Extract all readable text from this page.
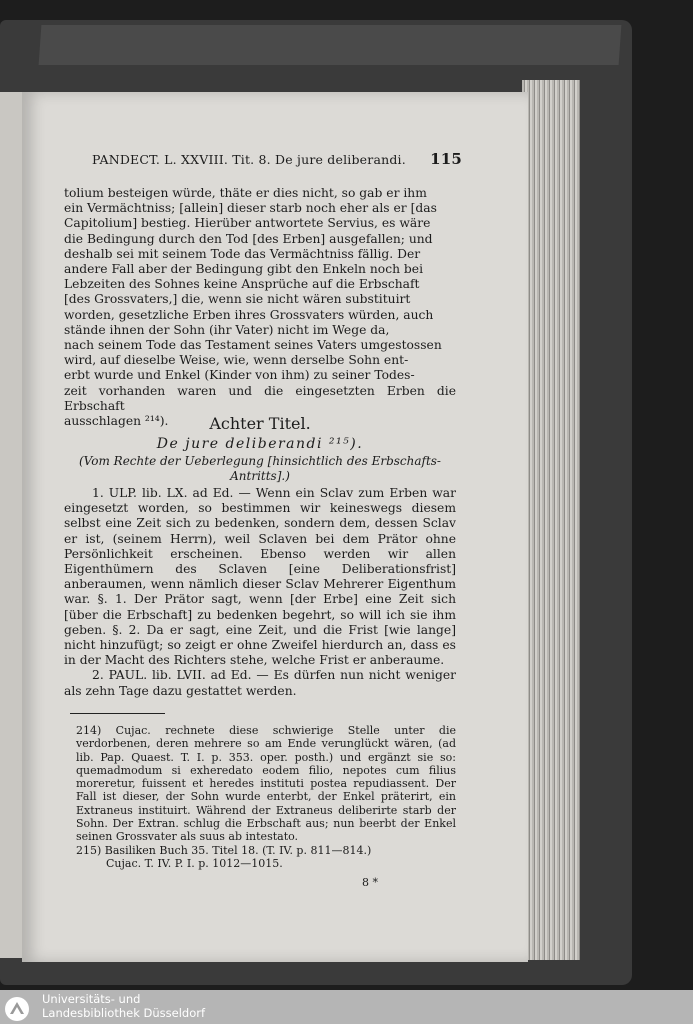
PANDECT. L. XXVIII. Tit. 8. De jure deliberandi. 115

tolium besteigen würde, thäte er dies nicht, so gab er ihm

ein Vermächtniss; [allein] dieser starb noch eher als er [das

Capitolium] bestieg. Hierüber antwortete Servius, es wäre

die Bedingung durch den Tod [des Erben] ausgefallen; und

deshalb sei mit seinem Tode das Vermächtniss fällig. Der

andere Fall aber der Bedingung gibt den Enkeln noch bei

Lebzeiten des Sohnes keine Ansprüche auf die Erbschaft

[des Grossvaters,] die, wenn sie nicht wären substituirt

worden, gesetzliche Erben ihres Grossvaters würden, auch

stände ihnen der Sohn (ihr Vater) nicht im Wege da,

nach seinem Tode das Testament seines Vaters umgestossen

wird, auf dieselbe Weise, wie, wenn derselbe Sohn ent-

erbt wurde und Enkel (Kinder von ihm) zu seiner Todes-

zeit vorhanden waren und die eingesetzten Erben die Erbschaft

ausschlagen ²¹⁴).	Achter Titel.
De jure deliberandi ²¹⁵).
(Vom Rechte der Ueberlegung [hinsichtlich des Erbschafts-
Antritts].)

1. ULP. lib. LX. ad Ed. — Wenn ein Sclav zum Erben war eingesetzt worden, so bestimmen wir keineswegs diesem selbst eine Zeit sich zu bedenken, sondern dem, dessen Sclav er ist, (seinem Herrn), weil Sclaven bei dem Prätor ohne Persönlichkeit erscheinen. Ebenso werden wir allen Eigenthümern des Sclaven [eine Deliberationsfrist] anberaumen, wenn nämlich dieser Sclav Mehrerer Eigenthum war. §. 1. Der Prätor sagt, wenn [der Erbe] eine Zeit sich [über die Erbschaft] zu bedenken begehrt, so will ich sie ihm geben. §. 2. Da er sagt, eine Zeit, und die Frist [wie lange] nicht hinzufügt; so zeigt er ohne Zweifel hierdurch an, dass es in der Macht des Richters stehe, welche Frist er anberaume.

2. PAUL. lib. LVII. ad Ed. — Es dürfen nun nicht weniger als zehn Tage dazu gestattet werden.

214) Cujac. rechnete diese schwierige Stelle unter die verdorbenen, deren mehrere so am Ende verunglückt wären, (ad lib. Pap. Quaest. T. I. p. 353. oper. posth.) und ergänzt sie so: quemadmodum si exheredato eodem filio, nepotes cum filius moreretur, fuissent et heredes instituti postea repudiassent. Der Fall ist dieser, der Sohn wurde enterbt, der Enkel präterirt, ein Extraneus instituirt. Während der Extraneus deliberirte starb der Sohn. Der Extran. schlug die Erbschaft aus; nun beerbt der Enkel seinen Grossvater als suus ab intestato.

215) Basiliken Buch 35. Titel 18. (T. IV. p. 811—814.)

Cujac. T. IV. P. I. p. 1012—1015.

8 *
Universitäts- und
Landesbibliothek Düsseldorf
